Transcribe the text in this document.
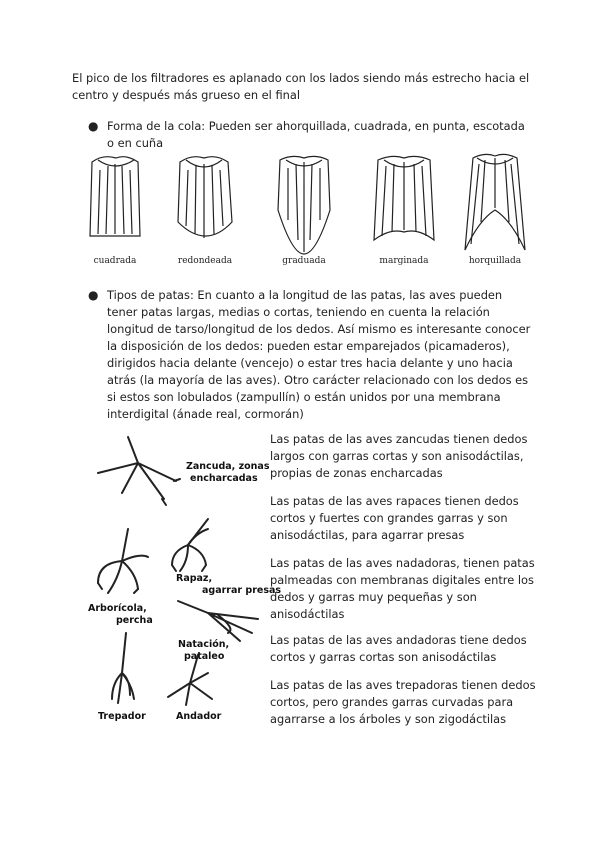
El pico de los filtradores es aplanado con los lados siendo más estrecho hacia el centro y después más grueso en el final
● Forma de la cola: Pueden ser ahorquillada, cuadrada, en punta, escotada o en cuña
cuadrada	redondeada	graduada	marginada	horquillada
● Tipos de patas: En cuanto a la longitud de las patas, las aves pueden tener patas largas, medias o cortas, teniendo en cuenta la relación longitud de tarso/longitud de los dedos. Así mismo es interesante conocer la disposición de los dedos: pueden estar emparejados (picamaderos), dirigidos hacia delante (vencejo) o estar tres hacia delante y uno hacia atrás (la mayoría de las aves). Otro carácter relacionado con los dedos es si estos son lobulados (zampullín) o están unidos por una membrana interdigital (ánade real, cormorán)
Zancuda, zonas
encharcadas
Rapaz,
agarrar presas
Arborícola,
percha
Natación,
pataleo
Trepador	Andador
Las patas de las aves zancudas tienen dedos largos con garras cortas y son anisodáctilas, propias de zonas encharcadas
Las patas de las aves rapaces tienen dedos cortos y fuertes con grandes garras y son anisodáctilas, para agarrar presas
Las patas de las aves nadadoras, tienen patas palmeadas con membranas digitales entre los dedos y garras muy pequeñas y son anisodáctilas
Las patas de las aves andadoras tiene dedos cortos y garras cortas son anisodáctilas
Las patas de las aves trepadoras tienen dedos cortos, pero grandes garras curvadas para agarrarse a los árboles y son zigodáctilas
